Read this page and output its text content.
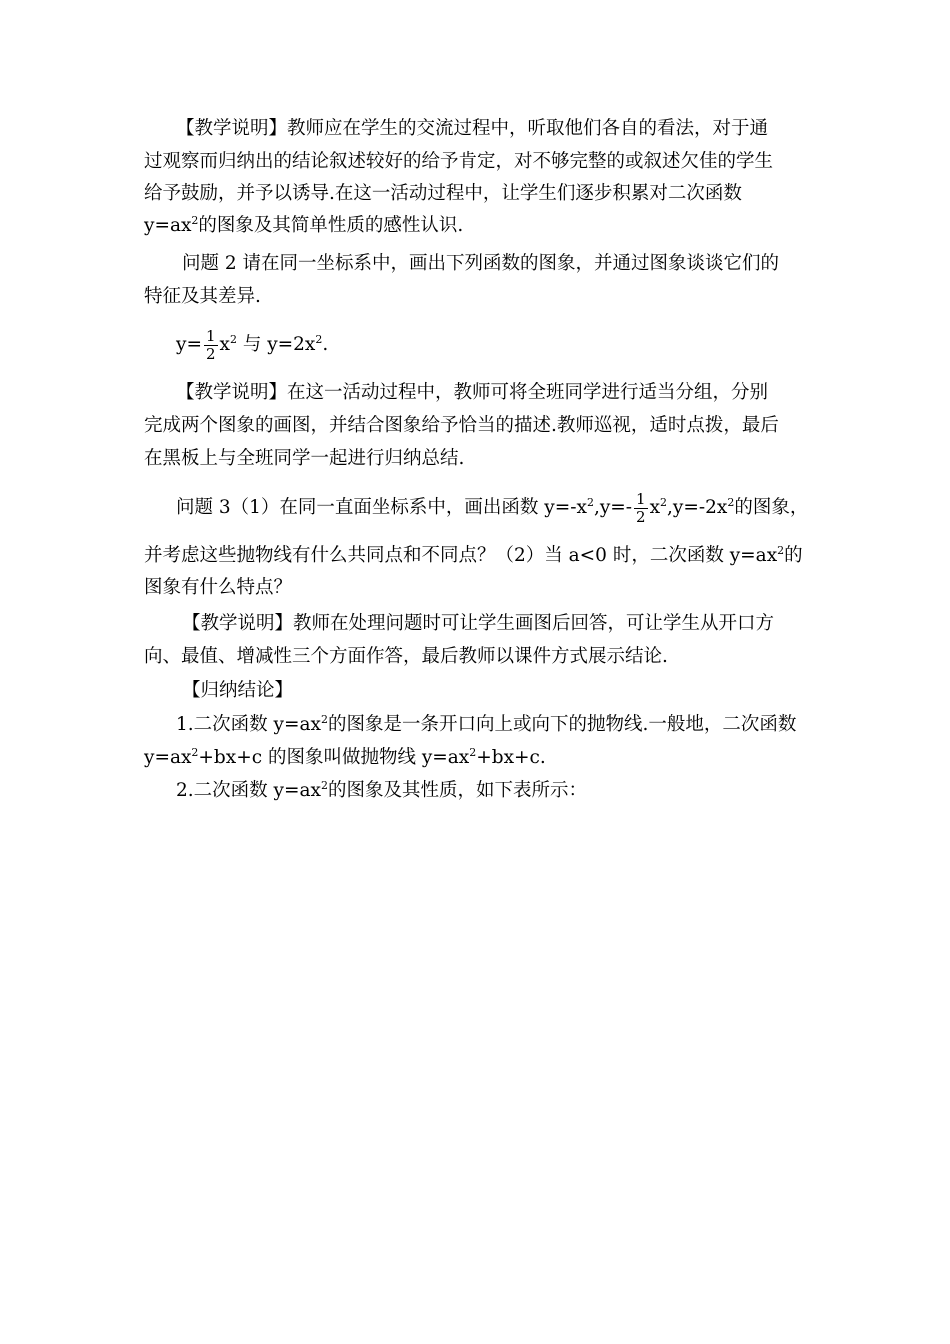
【教学说明】教师应在学生的交流过程中，听取他们各自的看法，对于通
过观察而归纳出的结论叙述较好的给予肯定，对不够完整的或叙述欠佳的学生
给予鼓励，并予以诱导.在这一活动过程中，让学生们逐步积累对二次函数
$y=ax^2$的图象及其简单性质的感性认识.
问题 2 请在同一坐标系中，画出下列函数的图象，并通过图象谈谈它们的
特征及其差异.
$y= \frac{1}{2} x^2$ 与 $y=2x^2$.
【教学说明】在这一活动过程中，教师可将全班同学进行适当分组，分别
完成两个图象的画图，并结合图象给予恰当的描述.教师巡视，适时点拨，最后
在黑板上与全班同学一起进行归纳总结.
问题 3（1）在同一直面坐标系中，画出函数 $y=-x^2,y=- \frac{1}{2} x^2,y=-2x^2$的图象，
并考虑这些抛物线有什么共同点和不同点？（2）当 a<0 时，二次函数 $y=ax^2$的
图象有什么特点？
【教学说明】教师在处理问题时可让学生画图后回答，可让学生从开口方
向、最值、增减性三个方面作答，最后教师以课件方式展示结论.
【归纳结论】
1.二次函数 $y=ax^2$的图象是一条开口向上或向下的抛物线.一般地，二次函数
$y=ax^2+bx+c$ 的图象叫做抛物线 $y=ax^2+bx+c$.
2.二次函数 $y=ax^2$的图象及其性质，如下表所示：
